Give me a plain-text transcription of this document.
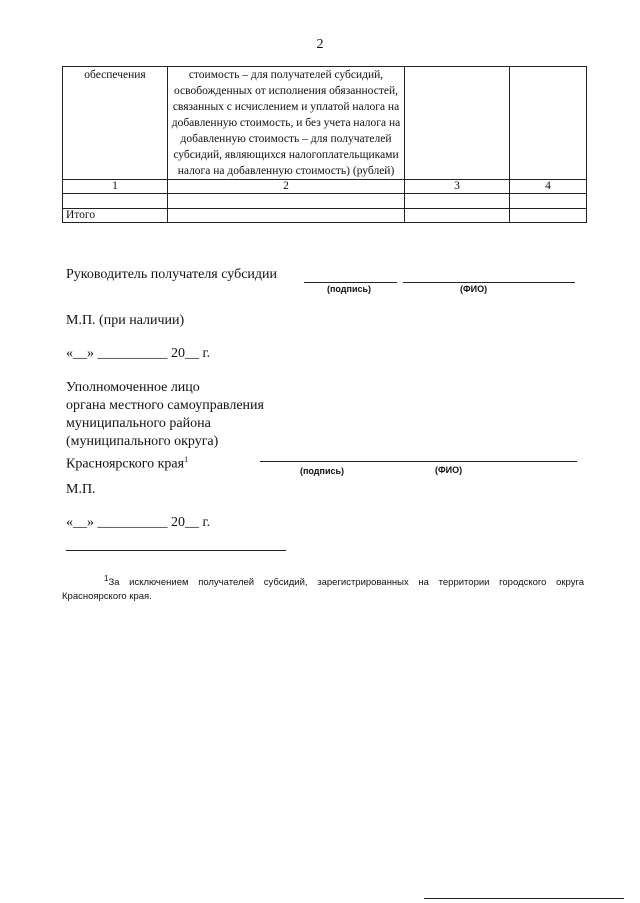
2
обеспечения	стоимость – для получателей субсидий, освобожденных от исполнения обязанностей, связанных с исчислением и уплатой налога на добавленную стоимость, и без учета налога на добавленную стоимость – для получателей субсидий, являющихся налогоплательщиками налога на добавленную стоимость) (рублей)		
1	2	3	4

Итого			
Руководитель получателя субсидии
(подпись)	(ФИО)
М.П. (при наличии)
«__» __________ 20__ г.
Уполномоченное лицо
органа местного самоуправления
муниципального района
(муниципального округа)
Красноярского края$^1$
(подпись)	(ФИО)
М.П.
«__» __________ 20__ г.
$^1$За исключением получателей субсидий, зарегистрированных на территории городского округа Красноярского края.
